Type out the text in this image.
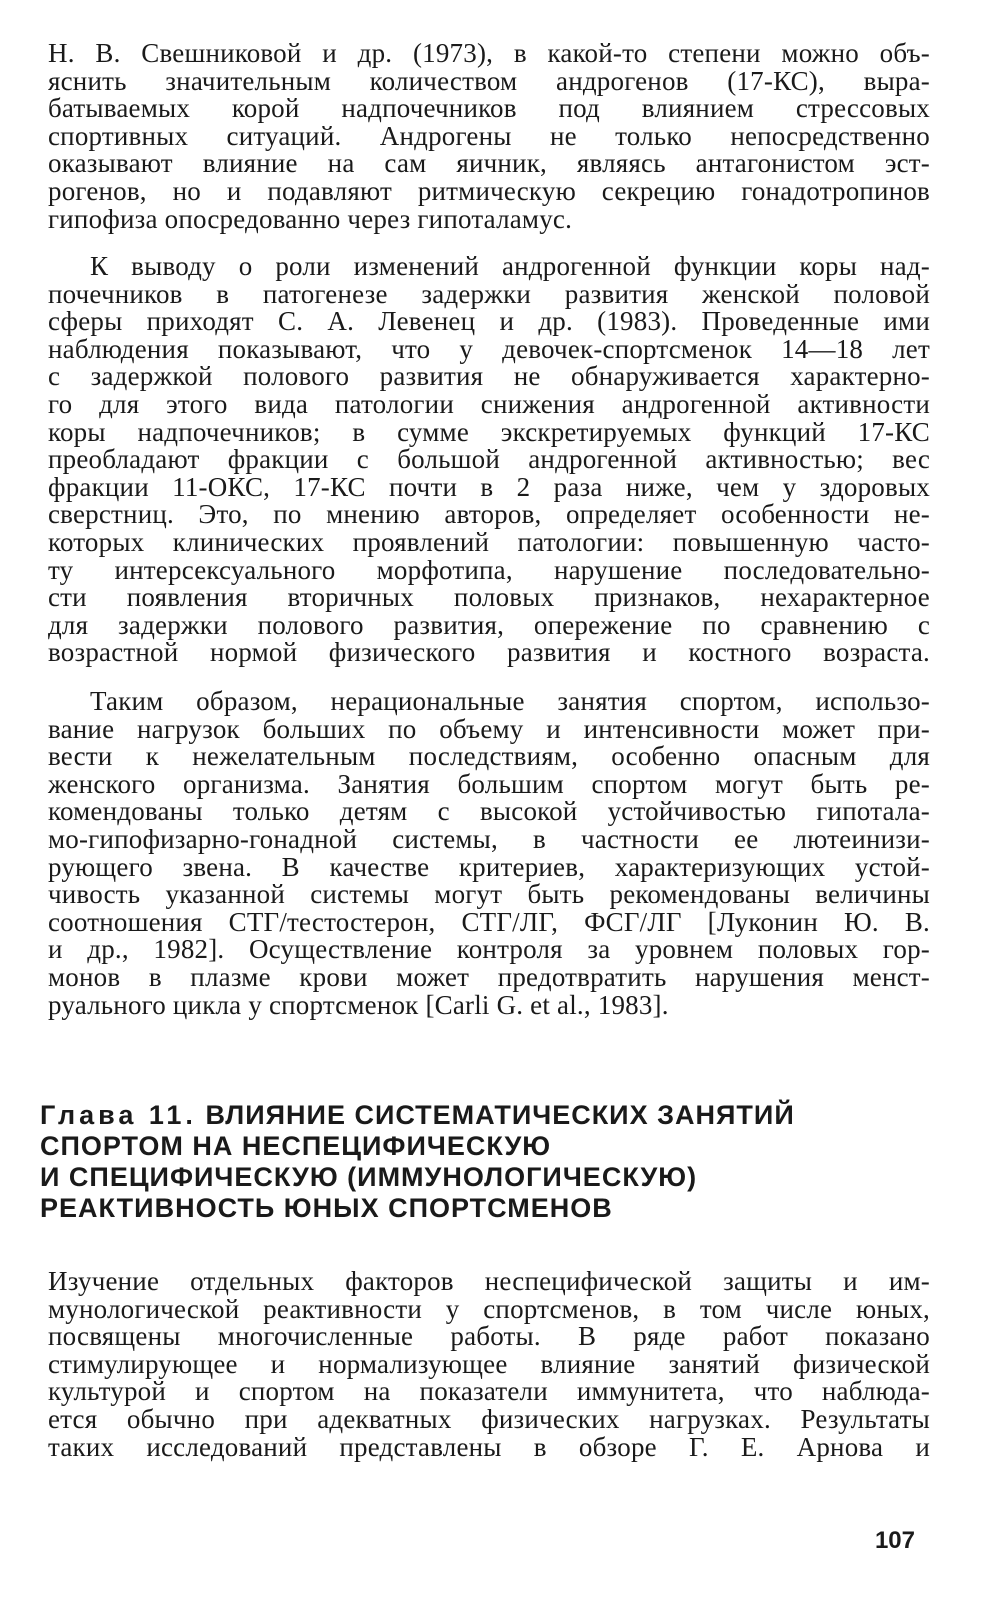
Н. В. Свешниковой и др. (1973), в какой-то степени можно объ-
яснить значительным количеством андрогенов (17-КС), выра-
батываемых корой надпочечников под влиянием стрессовых
спортивных ситуаций. Андрогены не только непосредственно
оказывают влияние на сам яичник, являясь антагонистом эст-
рогенов, но и подавляют ритмическую секрецию гонадотропинов
гипофиза опосредованно через гипоталамус.

К выводу о роли изменений андрогенной функции коры над-
почечников в патогенезе задержки развития женской половой
сферы приходят С. А. Левенец и др. (1983). Проведенные ими
наблюдения показывают, что у девочек-спортсменок 14—18 лет
с задержкой полового развития не обнаруживается характерно-
го для этого вида патологии снижения андрогенной активности
коры надпочечников; в сумме экскретируемых функций 17-КС
преобладают фракции с большой андрогенной активностью; вес
фракции 11-ОКС, 17-КС почти в 2 раза ниже, чем у здоровых
сверстниц. Это, по мнению авторов, определяет особенности не-
которых клинических проявлений патологии: повышенную часто-
ту интерсексуального морфотипа, нарушение последовательно-
сти появления вторичных половых признаков, нехарактерное
для задержки полового развития, опережение по сравнению с
возрастной нормой физического развития и костного возраста.

Таким образом, нерациональные занятия спортом, использо-
вание нагрузок больших по объему и интенсивности может при-
вести к нежелательным последствиям, особенно опасным для
женского организма. Занятия большим спортом могут быть ре-
комендованы только детям с высокой устойчивостью гипотала-
мо-гипофизарно-гонадной системы, в частности ее лютеинизи-
рующего звена. В качестве критериев, характеризующих устой-
чивость указанной системы могут быть рекомендованы величины
соотношения СТГ/тестостерон, СТГ/ЛГ, ФСГ/ЛГ [Луконин Ю. В.
и др., 1982]. Осуществление контроля за уровнем половых гор-
монов в плазме крови может предотвратить нарушения менст-
руального цикла у спортсменок [Carli G. et al., 1983].

Глава 11. ВЛИЯНИЕ СИСТЕМАТИЧЕСКИХ ЗАНЯТИЙ
СПОРТОМ НА НЕСПЕЦИФИЧЕСКУЮ
И СПЕЦИФИЧЕСКУЮ (ИММУНОЛОГИЧЕСКУЮ)
РЕАКТИВНОСТЬ ЮНЫХ СПОРТСМЕНОВ

Изучение отдельных факторов неспецифической защиты и им-
мунологической реактивности у спортсменов, в том числе юных,
посвящены многочисленные работы. В ряде работ показано
стимулирующее и нормализующее влияние занятий физической
культурой и спортом на показатели иммунитета, что наблюда-
ется обычно при адекватных физических нагрузках. Результаты
таких исследований представлены в обзоре Г. Е. Арнова и

107
